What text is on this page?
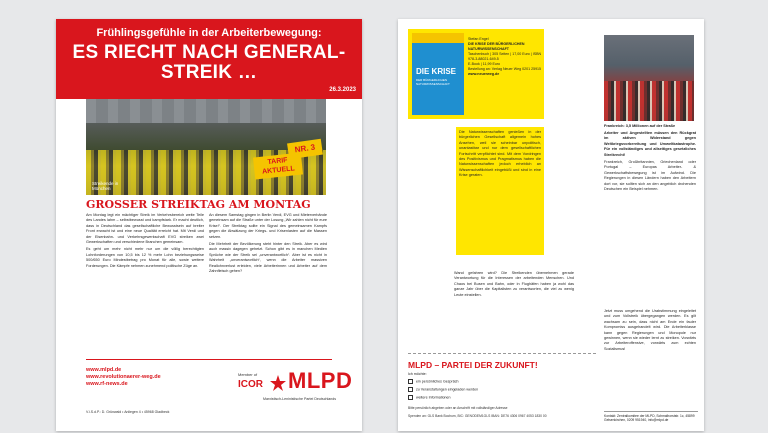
Frühlingsgefühle in der Arbeiterbewegung:
ES RIECHT NACH GENERAL-
STREIK …
26.3.2023
Streikende in München
TARIF AKTUELL
NR. 3
GROSSER STREIKTAG AM MONTAG

Am Montag legt ein mächtiger Streik im Verkehrsbereich weite Teile des Landes lahm – selbstbewusst und kampfstark. Er macht deutlich, dass in Deutschland das gesellschaftliche Bewusstsein auf breiter Front erwacht ist und eine neue Qualität erreicht hat. Mit Verdi und der Eisenbahn- und Verkehrsgewerkschaft EVG streiken zwei Gewerkschaften und verschiedene Branchen gemeinsam.

Es geht um mehr nicht mehr nur um die völlig berechtigten Lohnforderungen von 10,5 bis 12 % mehr Lohn beziehungsweise 500/650 Euro Mindestbetrag pro Monat für alle, sowie weitere Forderungen. Die Kämpfe nehmen zunehmend politische Züge an.

An diesem Samstag gingen in Berlin Verdi, EVG und Mieterverbände gemeinsam auf die Straße unter der Losung „Wir zahlen nicht für eure Krise!“. Der Streiktag sollte ein Signal des gemeinsamen Kampfs gegen die Abwälzung der Kriegs- und Krisenlasten auf die Massen setzen.

Die Mehrheit der Bevölkerung steht hinter den Streik. Aber es wird auch massiv dagegen gehetzt. Schon gibt es in manchen Medien Sprüche wie der Streik sei „unverantwortlich“. Aber ist es nicht in Wahrheit „unverantwortlich“, wenn die Arbeiter massiven Reallohnverlust erleiden, viele Arbeiterinnen und Arbeiter auf dem Zahnfleisch gehen?

www.mlpd.de
www.revolutionaerer-weg.de
www.rf-news.de
V.i.S.d.P.: D. Grünwald • Anliegen 4 • 45968 Gladbeck
Member of
ICOR MLPD
Marxistisch-Leninistische Partei Deutschlands
DIE KRISE
DER BÜRGERLICHEN NATURWISSENSCHAFT
Stefan Engel
DIE KRISE DER BÜRGERLICHEN NATURWISSENSCHAFT
Taschenbuch | 305 Seiten | 17,00 Euro | ISBN 978-3-88021-649-5
E-Book | 11,99 Euro
Bestellung an: Verlag Neuer Weg 0201 25915
www.neuerweg.de
Die Naturwissenschaften genießen in der bürgerlichen Gesellschaft allgemein hohes Ansehen, weil sie scheinbar unpolitisch, unantastbar und nur dem gesellschaftlichen Fortschritt verpflichtet sind. Mit dem Vordringen des Positivismus und Pragmatismus haben die Naturwissenschaften jedoch erheblich an Wissenschaftlichkeit eingebüßt und sind in eine Krise geraten.
Wand gefahren wird? Die Streikenden übernehmen gerade Verantwortung für die Interessen der arbeitenden Menschen. Und Chaos bei Busen und Bahn, oder in Flughäfen haben ja wohl das ganze Jahr über die Kapitalisten zu verantworten, die viel zu wenig Leute einstellen.
Frankreich: 3,5 Millionen auf der Straße

Arbeiter und Angestellten müssen den Rückgrat im aktiven Widerstand gegen Weltkriegsvorbereitung und Umweltkatastrophe. Für ein vollständiges und allseitiges gesetzliches Streikrecht!

Frankreich, Großbritannien, Griechenland oder Portugal – Europas Arbeiter- & Gewerkschaftsbewegung ist im Aufwind. Die Regierungen in diesen Ländern haben den Arbeitern dort vor, sie sollten sich an den angeblich drohenden Deutschen ein Beispiel nehmen.

Jetzt muss umgehend die Urabstimmung eingeleitet und zum Vollstreik übergegangen werden. Es gilt wachsam zu sein, dass nicht am Ende ein fauler Kompromiss ausgehandelt wird. Die Arbeiterklasse kann gegen Regierungen und Monopole nur gewinnen, wenn sie wieder lernt zu streiken. Vorwärts zur Arbeiteroffensive, vorwärts zum echten Sozialismus!
MLPD – PARTEI DER ZUKUNFT!
Ich möchte:
ein persönliches Gespräch
zu Veranstaltungen eingeladen werden
weitere Informationen
Bitte persönlich abgeben oder an Anschrift mit vollständiger Adresse
Spenden an: GLS Bank Bochum, BIC: GENODEM1GLS IBAN: DE76 4306 0967 4053 1830 00	Kontakt: Zentralkomitee der MLPD, Schmalhorststr. 1c, 45899 Gelsenkirchen, 0209 951940, info@mlpd.de
